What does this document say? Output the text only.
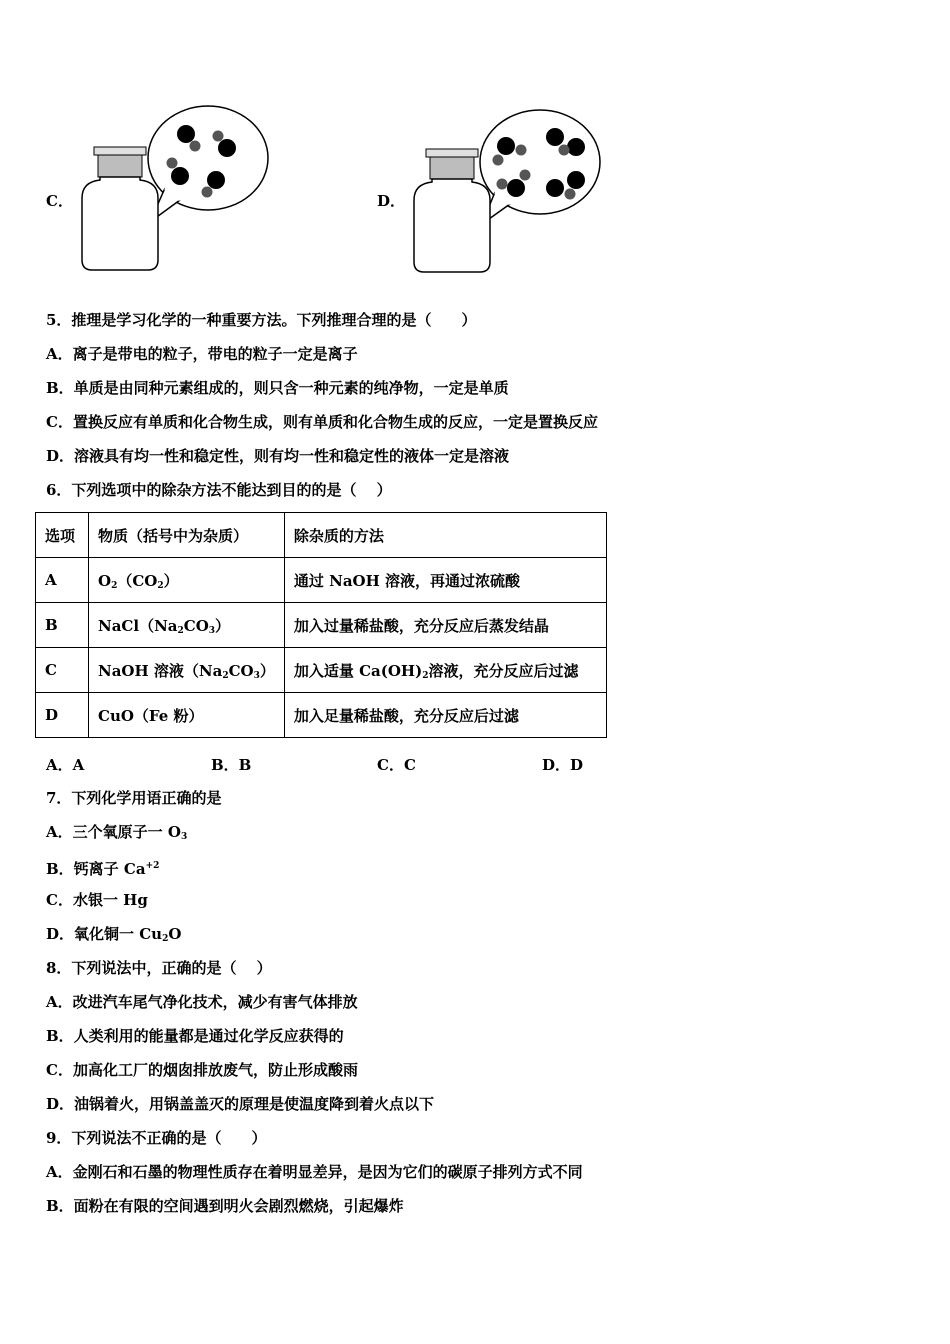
C．	D．
5．推理是学习化学的一种重要方法。下列推理合理的是（　　）
A．离子是带电的粒子，带电的粒子一定是离子
B．单质是由同种元素组成的，则只含一种元素的纯净物，一定是单质
C．置换反应有单质和化合物生成，则有单质和化合物生成的反应，一定是置换反应
D．溶液具有均一性和稳定性，则有均一性和稳定性的液体一定是溶液
6．下列选项中的除杂方法不能达到目的的是（　 ）
选项	物质（括号中为杂质）	除杂质的方法
A	$O_2(CO_2)$	通过 NaOH 溶液，再通过浓硫酸
B	$NaCl(Na_2CO_3)$	加入过量稀盐酸，充分反应后蒸发结晶
C	NaOH 溶液$(Na_2CO_3)$	加入适量 $Ca(OH)_2$溶液，充分反应后过滤
D	CuO（Fe 粉）	加入足量稀盐酸，充分反应后过滤
A．A	B．B	C．C	D．D
7．下列化学用语正确的是
A．三个氧原子一 $O_3$
B．钙离子 $Ca^{+2}$
C．水银一 Hg
D．氧化铜一 $Cu_2O$
8．下列说法中，正确的是（　 ）
A．改进汽车尾气净化技术，减少有害气体排放
B．人类利用的能量都是通过化学反应获得的
C．加高化工厂的烟囱排放废气，防止形成酸雨
D．油锅着火，用锅盖盖灭的原理是使温度降到着火点以下
9．下列说法不正确的是（　　）
A．金刚石和石墨的物理性质存在着明显差异，是因为它们的碳原子排列方式不同
B．面粉在有限的空间遇到明火会剧烈燃烧，引起爆炸
